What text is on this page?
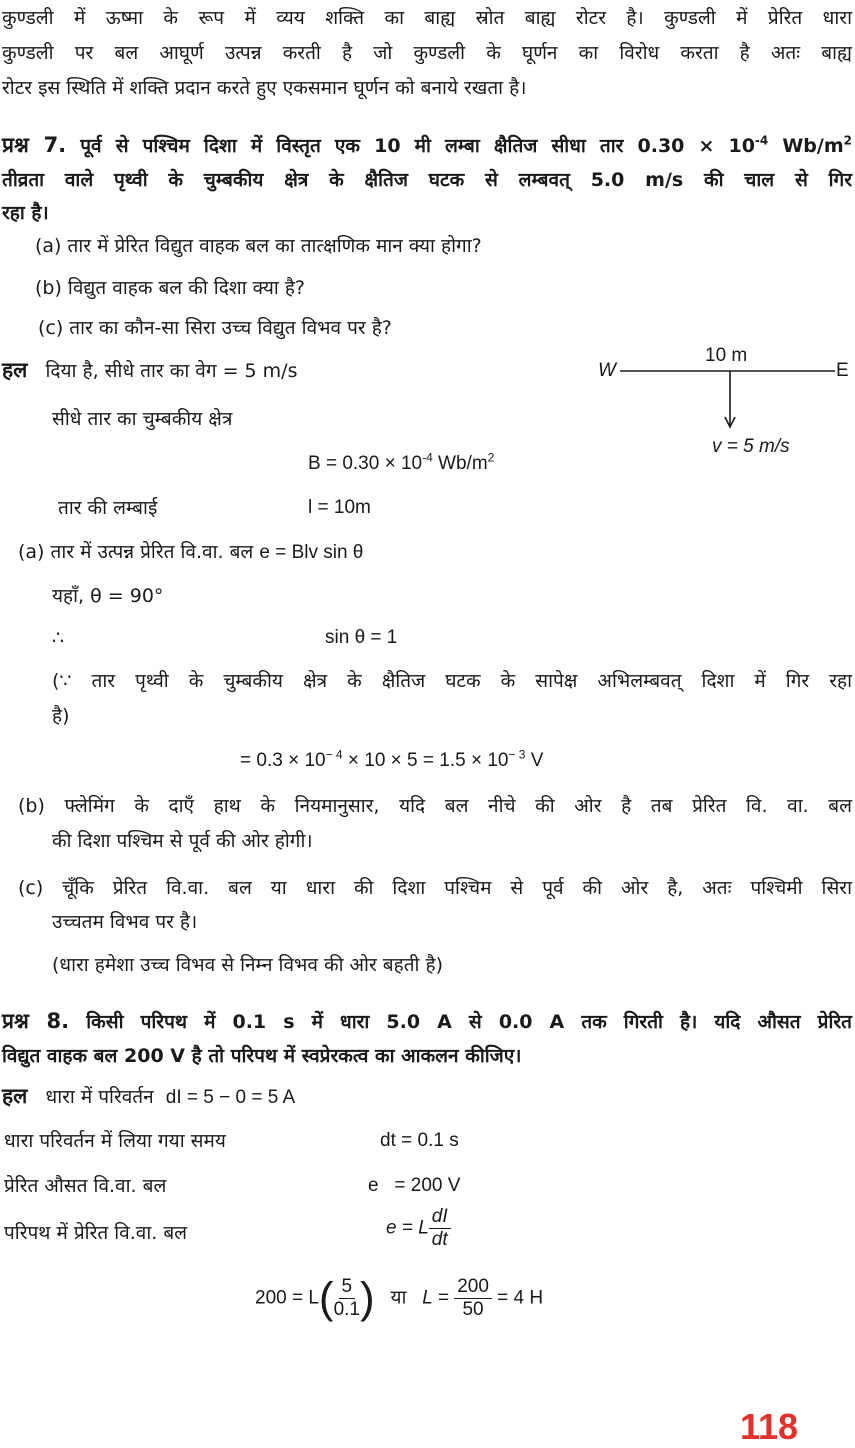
कुण्डली में ऊष्मा के रूप में व्यय शक्ति का बाह्य स्रोत बाह्य रोटर है। कुण्डली में प्रेरित धारा
कुण्डली पर बल आघूर्ण उत्पन्न करती है जो कुण्डली के घूर्णन का विरोध करता है अतः बाह्य
रोटर इस स्थिति में शक्ति प्रदान करते हुए एकसमान घूर्णन को बनाये रखता है।
प्रश्न 7. पूर्व से पश्चिम दिशा में विस्तृत एक 10 मी लम्बा क्षैतिज सीधा तार $0.30 \times 10^{-4}$ $Wb/m^2$
तीव्रता वाले पृथ्वी के चुम्बकीय क्षेत्र के क्षैतिज घटक से लम्बवत् 5.0 m/s की चाल से गिर
रहा है।
(a) तार में प्रेरित विद्युत वाहक बल का तात्क्षणिक मान क्या होगा?
(b) विद्युत वाहक बल की दिशा क्या है?
(c) तार का कौन-सा सिरा उच्च विद्युत विभव पर है?
हल दिया है, सीधे तार का वेग = 5 m/s	W	E
10 m
v = 5 m/s
सीधे तार का चुम्बकीय क्षेत्र
$B = 0.30 \times 10^{-4}$ $Wb/m^2$
तार की लम्बाई	l = 10m
(a) तार में उत्पन्न प्रेरित वि.वा. बल e = Blv sin θ
यहाँ, θ = 90°
∴	sin θ = 1
(∵ तार पृथ्वी के चुम्बकीय क्षेत्र के क्षैतिज घटक के सापेक्ष अभिलम्बवत् दिशा में गिर रहा
है)
= $0.3 \times 10^{- 4} \times 10 \times 5 = 1.5 \times 10^{- 3}$ V
(b) फ्लेमिंग के दाएँ हाथ के नियमानुसार, यदि बल नीचे की ओर है तब प्रेरित वि. वा. बल
की दिशा पश्चिम से पूर्व की ओर होगी।
(c) चूँकि प्रेरित वि.वा. बल या धारा की दिशा पश्चिम से पूर्व की ओर है, अतः पश्चिमी सिरा
उच्चतम विभव पर है।
(धारा हमेशा उच्च विभव से निम्न विभव की ओर बहती है)
प्रश्न 8. किसी परिपथ में 0.1 s में धारा 5.0 A से 0.0 A तक गिरती है। यदि औसत प्रेरित
विद्युत वाहक बल 200 V है तो परिपथ में स्वप्रेरकत्व का आकलन कीजिए।
हल धारा में परिवर्तन dI = 5 − 0 = 5 A
धारा परिवर्तन में लिया गया समय	dt = 0.1 s
प्रेरित औसत वि.वा. बल	e   = 200 V
परिपथ में प्रेरित वि.वा. बल	e = L $\frac{dI}{dt}$
$200 = L( \frac{5}{0.1}$ ) या $L = \frac{200}{50} = 4$ H
118
